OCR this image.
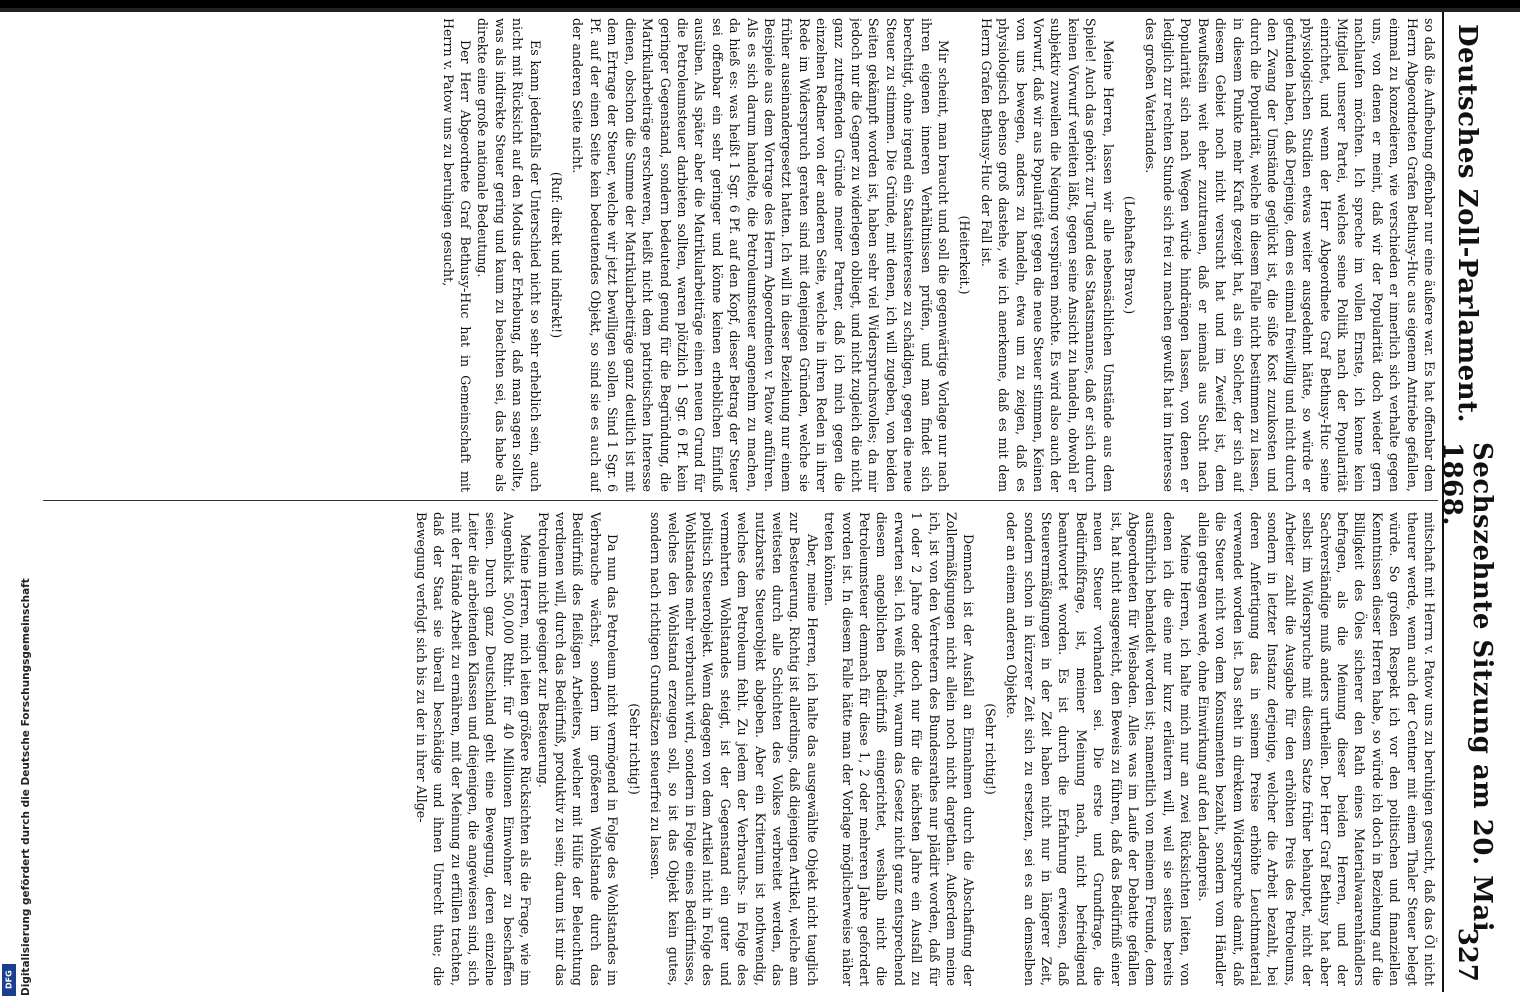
Deutsches Zoll-Parlament.
Sechszehnte Sitzung am 20. Mai 1868.
327

so daß die Aufhebung offenbar nur eine äußere war. Es hat offenbar dem Herrn Abgeordneten Grafen Bethusy-Huc aus eigenem Antriebe gefallen, einmal zu konzedieren, wie verschieden er innerlich sich verhalte gegen uns, von denen er meint, daß wir der Popularität doch wieder gern nachlaufen möchten. Ich spreche im vollen Ernste, ich kenne kein Mitglied unserer Partei, welches seine Politik nach der Popularität einrichtet, und wenn der Herr Abgeordnete Graf Bethusy-Huc seine physiologischen Studien etwas weiter ausgedehnt hätte, so würde er gefunden haben, daß Derjenige, dem es einmal freiwillig und nicht durch den Zwang der Umstände geglückt ist, die süße Kost zuzukosten und durch die Popularität, welche in diesem Falle nicht bestimmen zu lassen, in diesem Punkte mehr Kraft gezeigt hat, als ein Solcher, der sich auf diesem Gebiet noch nicht versucht hat und im Zweifel ist, dem Bewußtsein weit eher zuzutrauen, daß er niemals aus Sucht nach Popularität sich nach Wegen würde hindrängen lassen, von denen er lediglich zur rechten Stunde sich frei zu machen gewußt hat im Interesse des großen Vaterlandes.

(Lebhaftes Bravo.)

Meine Herren, lassen wir alle nebensächlichen Umstände aus dem Spiele! Auch das gehört zur Tugend des Staatsmannes, daß er sich durch keinen Vorwurf verleiten läßt, gegen seine Ansicht zu handeln, obwohl er subjektiv zuweilen die Neigung verspüren möchte. Es wird also auch der Vorwurf, daß wir aus Popularität gegen die neue Steuer stimmen, Keinen von uns bewegen, anders zu handeln, etwa um zu zeigen, daß es physiologisch ebenso groß dastehe, wie ich anerkenne, daß es mit dem Herrn Grafen Bethusy-Huc der Fall ist.

(Heiterkeit.)

Mir scheint, man braucht und soll die gegenwärtige Vorlage nur nach ihren eigenen inneren Verhältnissen prüfen, und man findet sich berechtigt, ohne irgend ein Staatsinteresse zu schädigen, gegen die neue Steuer zu stimmen. Die Gründe, mit denen, ich will zugeben, von beiden Seiten gekämpft worden ist, haben sehr viel Widerspruchsvolles; da mir jedoch nur die Gegner zu widerlegen obliegt, und nicht zugleich die nicht ganz zutreffenden Gründe meiner Partner, daß ich mich gegen die einzelnen Redner von der anderen Seite, welche in ihren Reden in ihrer Rede im Widerspruch geraten sind mit denjenigen Gründen, welche sie früher auseinandergesetzt hatten. Ich will in dieser Beziehung nur einem Beispiele aus dem Vortrage des Herrn Abgeordneten v. Patow anführen. Als es sich darum handelte, die Petroleumsteuer angenehm zu machen, da hieß es: was heißt 1 Sgr. 6 Pf. auf den Kopf, dieser Betrag der Steuer sei offenbar ein sehr geringer und könne keinen erheblichen Einfluß ausüben. Als später aber die Matrikularbeiträge einen neuen Grund für die Petroleumsteuer darbieten sollten, waren plötzlich 1 Sgr. 6 Pf. kein geringer Gegenstand, sondern bedeutend genug für die Begründung, die Matrikularbeiträge erschweren, heißt nicht dem patriotischen Interesse dienen, obschon die Summe der Matrikularbeiträge ganz deutlich ist mit dem Ertrage der Steuer, welche wir jetzt bewilligen sollen. Sind 1 Sgr. 6 Pf. auf der einen Seite kein bedeutendes Objekt, so sind sie es auch auf der anderen Seite nicht.

(Ruf: direkt und indirekt!)

Es kann jedenfalls der Unterschied nicht so sehr erheblich sein, auch nicht mit Rücksicht auf den Modus der Erhebung, daß man sagen sollte, was als indirekte Steuer gering und kaum zu beachten sei, das habe als direkte eine große nationale Bedeutung.

Der Herr Abgeordnete Graf Bethusy-Huc hat in Gemeinschaft mit Herrn v. Patow uns zu beruhigen gesucht,

mitschaft mit Herrn v. Patow uns zu beruhigen gesucht, daß das Öl nicht theurer werde, wenn auch der Centner mit einem Thaler Steuer belegt würde. So großen Respekt ich vor den politischen und finanziellen Kenntnissen dieser Herren habe, so würde ich doch in Beziehung auf die Billigkeit des Öles sicherer den Rath eines Materialwaarenhändlers befragen, als die Meinung dieser beiden Herren, und der Sachverständige muß anders urtheilen. Der Herr Graf Bethusy hat aber selbst im Widerspruche mit diesem Satze früher behauptet, nicht der Arbeiter zahlt die Ausgabe für den erhöhten Preis des Petroleums, sondern in letzter Instanz derjenige, welcher die Arbeit bezahlt, bei deren Anfertigung das in seinem Preise erhöhte Leuchtmaterial verwendet worden ist. Das steht in direktem Widerspruche damit, daß die Steuer nicht von dem Konsumenten bezahlt, sondern vom Händler allein getragen werde, ohne Einwirkung auf den Ladenpreis.

Meine Herren, ich halte mich nur an zwei Rücksichten leiten, von denen ich die eine nur kurz erläutern will, weil sie seitens bereits ausführlich behandelt worden ist; namentlich von meinem Freunde, dem Abgeordneten für Wiesbaden. Alles was im Laufe der Debatte gefallen ist, hat nicht ausgereicht, den Beweis zu führen, daß das Bedürfniß einer neuen Steuer vorhanden sei. Die erste und Grundfrage, die Bedürfnißfrage, ist, meiner Meinung nach, nicht befriedigend beantwortet worden. Es ist durch die Erfahrung erwiesen, daß Steuerermäßigungen in der Zeit haben nicht nur in längerer Zeit, sondern schon in kürzerer Zeit sich zu ersetzen, sei es an demselben oder an einem anderen Objekte.

(Sehr richtig!)

Demnach ist der Ausfall an Einnahmen durch die Abschaffung der Zollermäßigungen nicht allein noch nicht dargethan. Außerdem meine ich, ist von den Vertretern des Bundesrathes nur plädirt worden, daß für 1 oder 2 Jahre oder doch nur für die nächsten Jahre ein Ausfall zu erwarten sei. Ich weiß nicht, warum das Gesetz nicht ganz entsprechend diesem angeblichen Bedürfniß eingerichtet, weshalb nicht die Petroleumsteuer demnach für diese 1, 2 oder mehreren Jahre gefordert worden ist. In diesem Falle hätte man der Vorlage möglicherweise näher treten können.

Aber, meine Herren, ich halte das ausgewählte Objekt nicht tauglich zur Besteuerung. Richtig ist allerdings, daß diejenigen Artikel, welche am weitesten durch alle Schichten des Volkes verbreitet werden, das nutzbarste Steuerobjekt abgeben. Aber ein Kriterium ist nothwendig, welches dem Petroleum fehlt. Zu jedem der Verbrauchs- in Folge des vermehrten Wohlstandes steigt, ist der Gegenstand ein guter und politisch Steuerobjekt. Wenn dagegen von dem Artikel nicht in Folge des Wohlstandes mehr verbraucht wird, sondern in Folge eines Bedürfnisses, welches den Wohlstand erzeugen soll, so ist das Objekt kein gutes, sondern nach richtigen Grundsätzen steuerfrei zu lassen.

(Sehr richtig!)

Da nun das Petroleum nicht vermögend in Folge des Wohlstandes im Verbrauche wächst, sondern im größeren Wohlstande durch das Bedürfniß des fleißigen Arbeiters, welcher mit Hülfe der Beleuchtung verdienen will, durch das Bedürfniß, produktiv zu sein; darum ist mir das Petroleum nicht geeignet zur Besteuerung.

Meine Herren, mich leiten größere Rücksichten als die Frage, wie im Augenblick 500,000 Rthlr. für 40 Millionen Einwohner zu beschaffen seien. Durch ganz Deutschland geht eine Bewegung, deren einzelne Leiter die arbeitenden Klassen und diejenigen, die angewiesen sind, sich mit der Hände Arbeit zu ernähren, mit der Meinung zu erfüllen trachten, daß der Staat sie überall beschädige und ihnen Unrecht thue; die Bewegung verfolgt sich bis zu der in ihrer Allge-

Digitalisierung gefördert durch die Deutsche Forschungsgemeinschaft
DFG
